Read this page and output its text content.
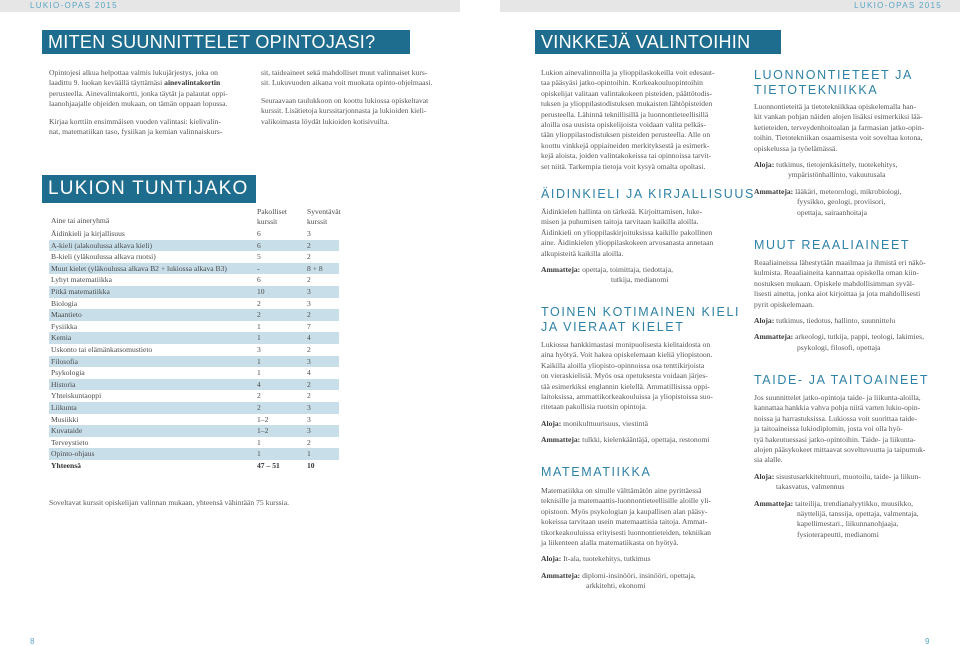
LUKIO-OPAS 2015	LUKIO-OPAS 2015
MITEN SUUNNITTELET OPINTOJASI?	VINKKEJÄ VALINTOIHIN
Opintojesi alkua helpottaa valmis lukujärjestys, joka on
laadittu 9. luokan keväällä täyttämäsi ainevalintakortin
perusteella. Ainevalintakortti, jonka täytät ja palautat oppi-
laanohjaajalle ohjeiden mukaan, on tämän oppaan lopussa.
Kirjaa korttiin ensimmäisen vuoden valintasi: kielivalin-
nat, matematiikan taso, fysiikan ja kemian valinnaiskurs-
sit, taideaineet sekä mahdolliset muut valinnaiset kurs-
sit. Lukuvuoden aikana voit muokata opinto-ohjelmaasi.
Seuraavaan taulukkoon on koottu lukiossa opiskeltavat
kurssit. Lisätietoja kurssitarjonnasta ja lukioiden kieli-
valikoimasta löydät lukioiden kotisivuilta.
LUKION TUNTIJAKO
Aine tai aineryhmä
Pakolliset
kurssit
Syventävät
kurssit
Äidinkieli ja kirjallisuus	6	3
A-kieli (alakoulussa alkava kieli)	6	2
B-kieli (yläkoulussa alkava ruotsi)	5	2
Muut kielet (yläkoulussa alkava B2 + lukiossa alkava B3)	-	8 + 8
Lyhyt matematiikka	6	2
Pitkä matematiikka	10	3
Biologia	2	3
Maantieto	2	2
Fysiikka	1	7
Kemia	1	4
Uskonto tai elämänkatsomustieto	3	2
Filosofia	1	3
Psykologia	1	4
Historia	4	2
Yhteiskuntaoppi	2	2
Liikunta	2	3
Musiikki	1–2	3
Kuvataide	1–2	3
Terveystieto	1	2
Opinto-ohjaus	1	1
Yhteensä	47 – 51	10
Soveltavat kurssit opiskelijan valinnan mukaan, yhteensä vähintään 75 kurssia.
Lukion ainevalinnoilla ja ylioppilaskokeilla voit edesaut-
taa pääsyäsi jatko-opintoihin. Korkeakouluopintoihin
opiskelijat valitaan valintakokeen pisteiden, päättötodis-
tuksen ja ylioppilastodistuksen mukaisten lähtöpisteiden
perusteella. Lähinnä teknillisillä ja luonnontieteellisillä
aloilla osa uusista opiskelijoista voidaan valita pelkäs-
tään ylioppilastodistuksen pisteiden perusteella. Alle on
koottu vinkkejä oppiaineiden merkityksestä ja esimerk-
kejä aloista, joiden valintakokeissa tai opinnoissa tarvit-
set niitä. Tarkempia tietoja voit kysyä omalta opoltasi.
ÄIDINKIELI JA KIRJALLISUUS
Äidinkielen hallinta on tärkeää. Kirjoittamisen, luke-
misen ja puhumisen taitoja tarvitaan kaikilla aloilla.
Äidinkieli on ylioppilaskirjoituksissa kaikille pakollinen
aine. Äidinkielen ylioppilaskokeen arvosanasta annetaan
alkupisteitä kaikilla aloilla.
Ammatteja: opettaja, toimittaja, tiedottaja,
tutkija, medianomi
TOINEN KOTIMAINEN KIELI
JA VIERAAT KIELET
Lukiossa hankkimastasi monipuolisesta kielitaidosta on
aina hyötyä. Voit hakea opiskelemaan kieliä yliopistoon.
Kaikilla aloilla yliopisto-opinnoissa osa tenttikirjoista
on vieraskielisiä. Myös osa opetuksesta voidaan järjes-
tää esimerkiksi englannin kielellä. Ammatillisissa oppi-
laitoksissa, ammattikorkeakouluissa ja yliopistoissa suo-
ritetaan pakollisia ruotsin opintoja.
Aloja: monikulttuurisuus, viestintä
Ammatteja: tulkki, kielenkääntäjä, opettaja, restonomi
MATEMATIIKKA
Matematiikka on sinulle välttämätön aine pyrittäessä
teknisille ja matemaattis-luonnontieteellisille aloille yli-
opistoon. Myös psykologian ja kaupallisen alan pääsy-
kokeissa tarvitaan usein matemaattisia taitoja. Ammat-
tikorkeakouluissa erityisesti luonnontieteiden, tekniikan
ja liikenteen alalla matematiikasta on hyötyä.
Aloja: It-ala, tuotekehitys, tutkimus
Ammatteja: diplomi-insinööri, insinööri, opettaja,
arkkitehti, ekonomi
LUONNONTIETEET JA
TIETOTEKNIIKKA
Luonnontieteitä ja tietotekniikkaa opiskelemalla han-
kit vankan pohjan näiden alojen lisäksi esimerkiksi lää-
ketieteiden, terveydenhoitoalan ja farmasian jatko-opin-
toihin. Tietotekniikan osaamisesta voit soveltaa kotona,
opiskelussa ja työelämässä.
Aloja: tutkimus, tietojenkäsittely, tuotekehitys,
ympäristönhallinto, vakuutusala
Ammatteja: lääkäri, meteorologi, mikrobiologi,
fyysikko, geologi, proviisori,
opettaja, sairaanhoitaja
MUUT REAALIAINEET
Reaaliaineissa lähestytään maailmaa ja ihmistä eri näkö-
kulmista. Reaaliaineita kannattaa opiskella oman kiin-
nostuksen mukaan. Opiskele mahdollisimman syväl-
lisesti ainetta, jonka aiot kirjoittaa ja jota mahdollisesti
pyrit opiskelemaan.
Aloja: tutkimus, tiedotus, hallinto, suunnittelu
Ammatteja: arkeologi, tutkija, pappi, teologi, lakimies,
psykologi, filosofi, opettaja
TAIDE- JA TAITOAINEET
Jos suunnittelet jatko-opintoja taide- ja liikunta-aloilla,
kannattaa hankkia vahva pohja niitä varten lukio-opin-
noissa ja harrastuksissa. Lukiossa voit suorittaa taide-
ja taitoaineissa lukiodiplomin, josta voi olla hyö-
tyä hakeutuessasi jatko-opintoihin. Taide- ja liikunta-
alojen pääsykokeet mittaavat soveltuvuutta ja taipumuk-
sia alalle.
Aloja: sisustusarkkitehtuuri, muotoilu, taide- ja liikun-
takasvatus, valmennus
Ammatteja: taiteilija, trendianalyytikko, muusikko,
näyttelijä, tanssija, opettaja, valmentaja,
kapellimestari., liikunnanohjaaja,
fysioterapeutti, medianomi
8	9
